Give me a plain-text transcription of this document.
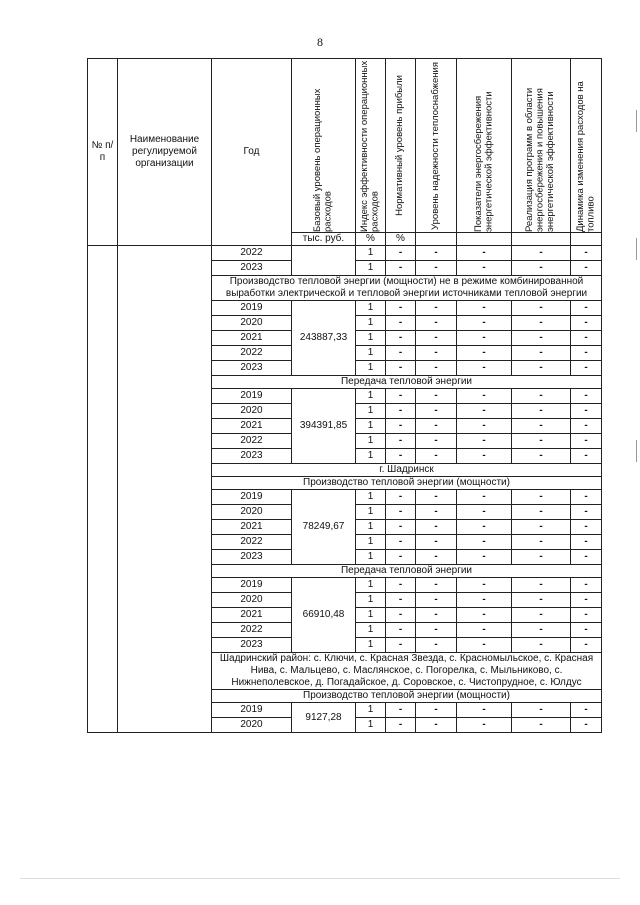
8
№ п/п	Наименование регулируемой организации	Год	Базовый уровень операционных расходов	Индекс эффективности операционных расходов	Нормативный уровень прибыли	Уровень надежности теплоснабжения	Показатели энергосбережения энергетической эффективности	Реализация программ в области энергосбережения и повышения энергетической эффективности	Динамика изменения расходов на топливо

			тыс. руб.	%	%				
		2022		1	-	-	-	-	-
		2023		1	-	-	-	-	-
		Производство тепловой энергии (мощности) не в режиме комбинированной выработки электрической и тепловой энергии источниками тепловой энергии							
		2019	243887,33	1	-	-	-	-	-
		2020		1	-	-	-	-	-
		2021		1	-	-	-	-	-
		2022		1	-	-	-	-	-
		2023		1	-	-	-	-	-
		Передача тепловой энергии							
		2019	394391,85	1	-	-	-	-	-
		2020		1	-	-	-	-	-
		2021		1	-	-	-	-	-
		2022		1	-	-	-	-	-
		2023		1	-	-	-	-	-
		г. Шадринск							
		Производство тепловой энергии (мощности)							
		2019	78249,67	1	-	-	-	-	-
		2020		1	-	-	-	-	-
		2021		1	-	-	-	-	-
		2022		1	-	-	-	-	-
		2023		1	-	-	-	-	-
		Передача тепловой энергии							
		2019	66910,48	1	-	-	-	-	-
		2020		1	-	-	-	-	-
		2021		1	-	-	-	-	-
		2022		1	-	-	-	-	-
		2023		1	-	-	-	-	-
		Шадринский район: с. Ключи, с. Красная Звезда, с. Красномыльское, с. Красная Нива, с. Мальцево, с. Маслянское, с. Погорелка, с. Мыльниково, с. Нижнеполевское, д. Погадайское, д. Соровское, с. Чистопрудное, с. Юлдус							
		Производство тепловой энергии (мощности)							
		2019	9127,28	1	-	-	-	-	-
		2020		1	-	-	-	-	-
